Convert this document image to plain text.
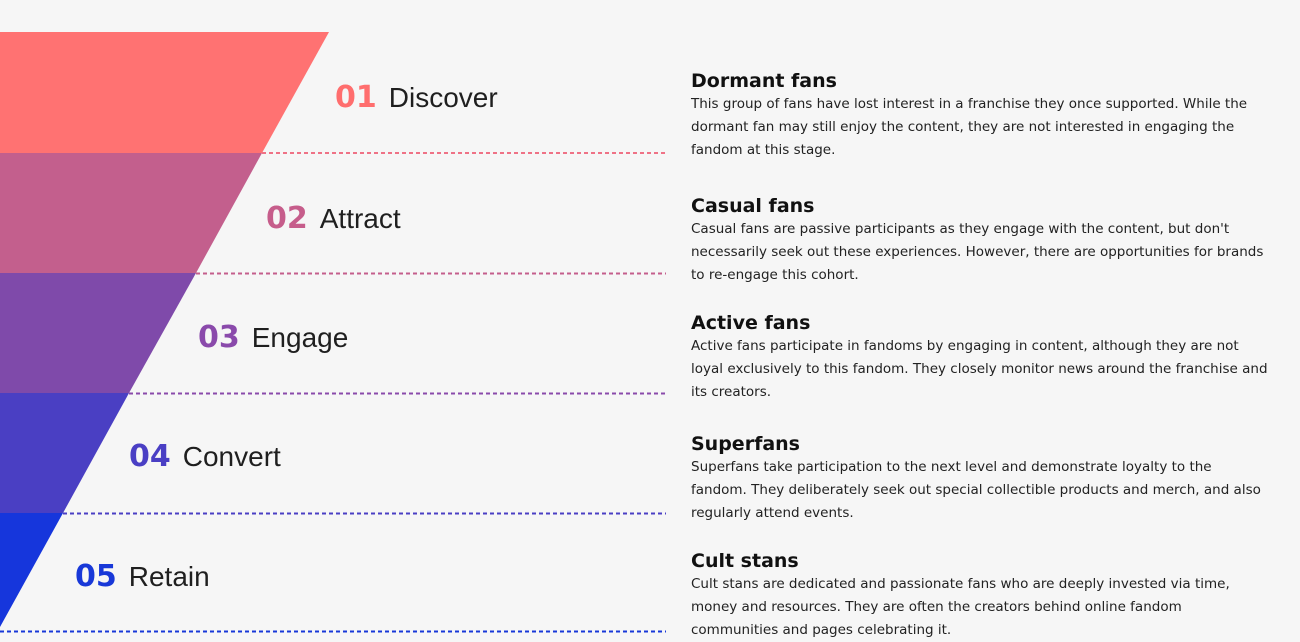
01 Discover
02 Attract
03 Engage
04 Convert
05 Retain
Dormant fans
This group of fans have lost interest in a franchise they once supported. While the dormant fan may still enjoy the content, they are not interested in engaging the fandom at this stage.
Casual fans
Casual fans are passive participants as they engage with the content, but don't necessarily seek out these experiences. However, there are opportunities for brands to re-engage this cohort.
Active fans
Active fans participate in fandoms by engaging in content, although they are not loyal exclusively to this fandom. They closely monitor news around the franchise and its creators.
Superfans
Superfans take participation to the next level and demonstrate loyalty to the fandom. They deliberately seek out special collectible products and merch, and also regularly attend events.
Cult stans
Cult stans are dedicated and passionate fans who are deeply invested via time, money and resources. They are often the creators behind online fandom communities and pages celebrating it.
